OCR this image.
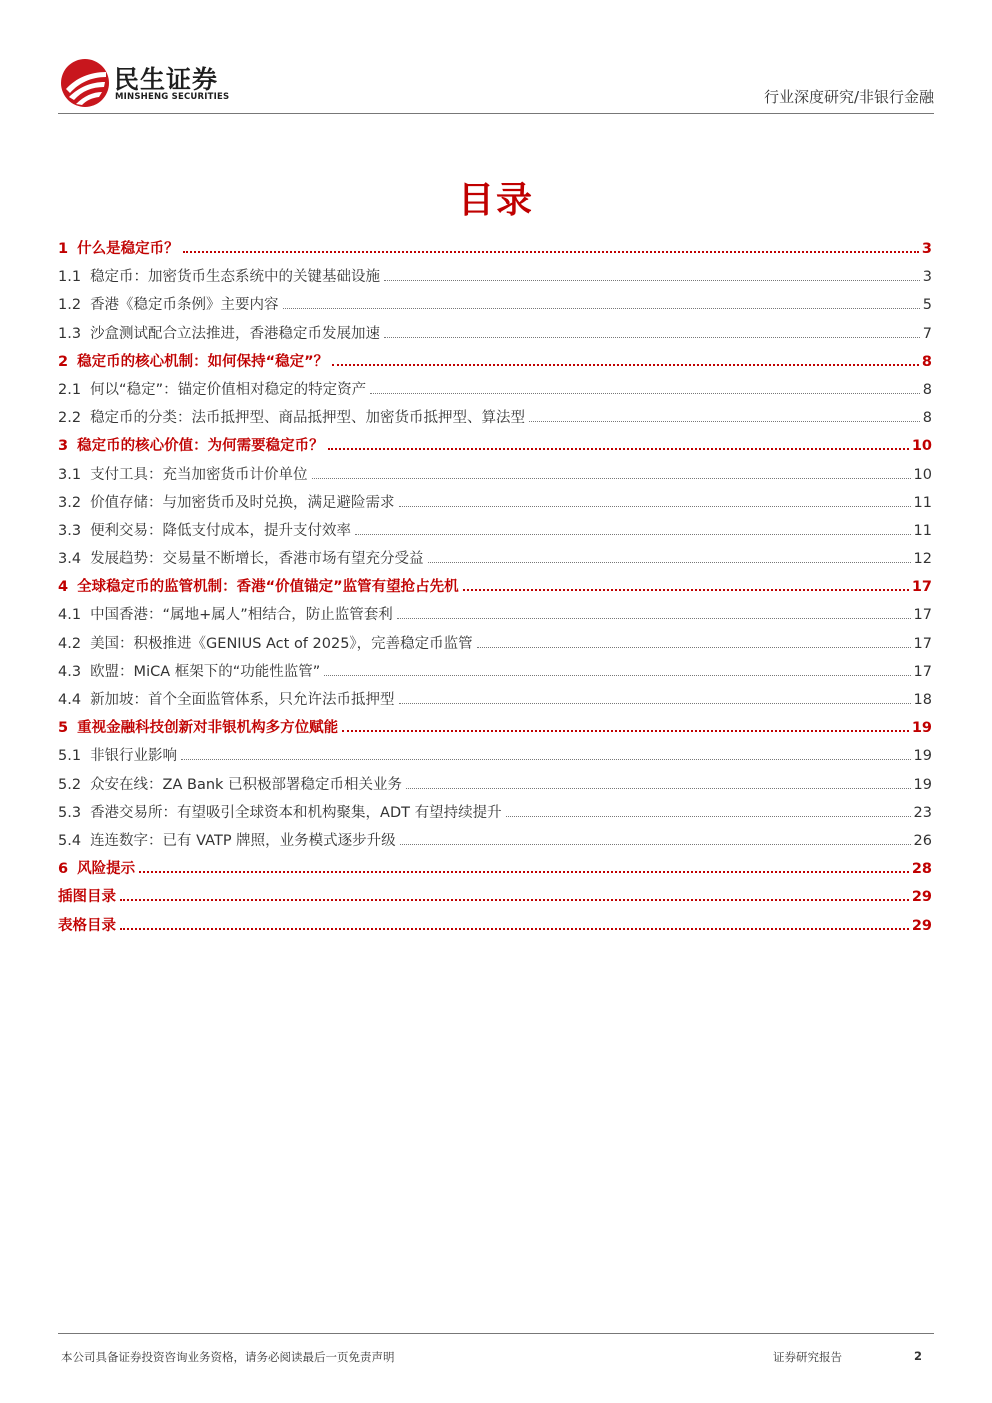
民生证券
MINSHENG SECURITIES	行业深度研究/非银行金融
目录
1 什么是稳定币？	3
1.1 稳定币：加密货币生态系统中的关键基础设施	3
1.2 香港《稳定币条例》主要内容	5
1.3 沙盒测试配合立法推进，香港稳定币发展加速	7
2 稳定币的核心机制：如何保持“稳定”？	8
2.1 何以“稳定”：锚定价值相对稳定的特定资产	8
2.2 稳定币的分类：法币抵押型、商品抵押型、加密货币抵押型、算法型	8
3 稳定币的核心价值：为何需要稳定币？	10
3.1 支付工具：充当加密货币计价单位	10
3.2 价值存储：与加密货币及时兑换，满足避险需求	11
3.3 便利交易：降低支付成本，提升支付效率	11
3.4 发展趋势：交易量不断增长，香港市场有望充分受益	12
4 全球稳定币的监管机制：香港“价值锚定”监管有望抢占先机	17
4.1 中国香港：“属地+属人”相结合，防止监管套利	17
4.2 美国：积极推进《GENIUS Act of 2025》，完善稳定币监管	17
4.3 欧盟：MiCA 框架下的“功能性监管”	17
4.4 新加坡：首个全面监管体系，只允许法币抵押型	18
5 重视金融科技创新对非银机构多方位赋能	19
5.1 非银行业影响	19
5.2 众安在线：ZA Bank 已积极部署稳定币相关业务	19
5.3 香港交易所：有望吸引全球资本和机构聚集，ADT 有望持续提升	23
5.4 连连数字：已有 VATP 牌照，业务模式逐步升级	26
6 风险提示	28
插图目录	29
表格目录	29
本公司具备证券投资咨询业务资格，请务必阅读最后一页免责声明	证券研究报告	2
